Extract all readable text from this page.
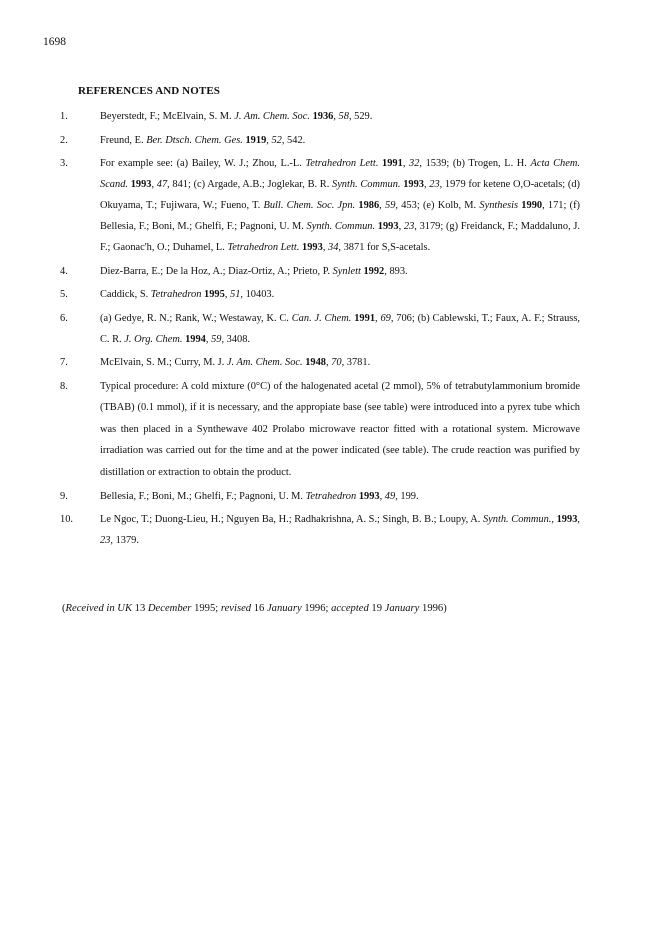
1698
REFERENCES AND NOTES
1.	Beyerstedt, F.; McElvain, S. M. J. Am. Chem. Soc. 1936, 58, 529.
2.	Freund, E. Ber. Dtsch. Chem. Ges. 1919, 52, 542.
3.	For example see: (a) Bailey, W. J.; Zhou, L.-L. Tetrahedron Lett. 1991, 32, 1539; (b) Trogen, L. H. Acta Chem. Scand. 1993, 47, 841; (c) Argade, A.B.; Joglekar, B. R. Synth. Commun. 1993, 23, 1979 for ketene O,O-acetals; (d) Okuyama, T.; Fujiwara, W.; Fueno, T. Bull. Chem. Soc. Jpn. 1986, 59, 453; (e) Kolb, M. Synthesis 1990, 171; (f) Bellesia, F.; Boni, M.; Ghelfi, F.; Pagnoni, U. M. Synth. Commun. 1993, 23, 3179; (g) Freidanck, F.; Maddaluno, J. F.; Gaonac'h, O.; Duhamel, L. Tetrahedron Lett. 1993, 34, 3871 for S,S-acetals.
4.	Diez-Barra, E.; De la Hoz, A.; Diaz-Ortiz, A.; Prieto, P. Synlett 1992, 893.
5.	Caddick, S. Tetrahedron 1995, 51, 10403.
6.	(a) Gedye, R. N.; Rank, W.; Westaway, K. C. Can. J. Chem. 1991, 69, 706; (b) Cablewski, T.; Faux, A. F.; Strauss, C. R. J. Org. Chem. 1994, 59, 3408.
7.	McElvain, S. M.; Curry, M. J. J. Am. Chem. Soc. 1948, 70, 3781.
8.	Typical procedure: A cold mixture (0°C) of the halogenated acetal (2 mmol), 5% of tetrabutylammonium bromide (TBAB) (0.1 mmol), if it is necessary, and the appropiate base (see table) were introduced into a pyrex tube which was then placed in a Synthewave 402 Prolabo microwave reactor fitted with a rotational system. Microwave irradiation was carried out for the time and at the power indicated (see table). The crude reaction was purified by distillation or extraction to obtain the product.
9.	Bellesia, F.; Boni, M.; Ghelfi, F.; Pagnoni, U. M. Tetrahedron 1993, 49, 199.
10.	Le Ngoc, T.; Duong-Lieu, H.; Nguyen Ba, H.; Radhakrishna, A. S.; Singh, B. B.; Loupy, A. Synth. Commun., 1993, 23, 1379.
(Received in UK 13 December 1995; revised 16 January 1996; accepted 19 January 1996)
